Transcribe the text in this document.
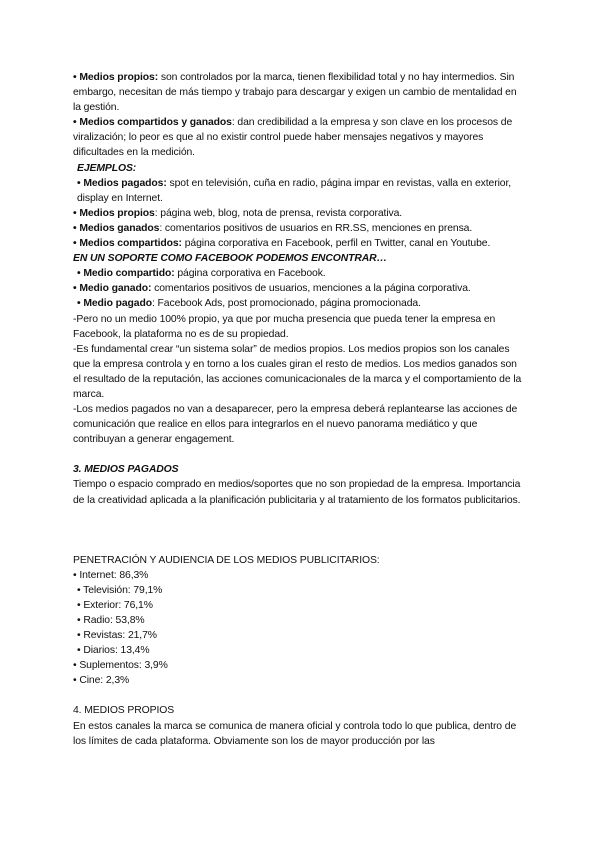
• Medios propios: son controlados por la marca, tienen flexibilidad total y no hay intermedios. Sin embargo, necesitan de más tiempo y trabajo para descargar y exigen un cambio de mentalidad en la gestión.

• Medios compartidos y ganados: dan credibilidad a la empresa y son clave en los procesos de viralización; lo peor es que al no existir control puede haber mensajes negativos y mayores dificultades en la medición.

EJEMPLOS:

• Medios pagados: spot en televisión, cuña en radio, página impar en revistas, valla en exterior, display en Internet.

• Medios propios: página web, blog, nota de prensa, revista corporativa.

• Medios ganados: comentarios positivos de usuarios en RR.SS, menciones en prensa.

• Medios compartidos: página corporativa en Facebook, perfil en Twitter, canal en Youtube.

EN UN SOPORTE COMO FACEBOOK PODEMOS ENCONTRAR…

• Medio compartido: página corporativa en Facebook.

• Medio ganado: comentarios positivos de usuarios, menciones a la página corporativa.

• Medio pagado: Facebook Ads, post promocionado, página promocionada.

-Pero no un medio 100% propio, ya que por mucha presencia que pueda tener la empresa en Facebook, la plataforma no es de su propiedad.

-Es fundamental crear “un sistema solar” de medios propios. Los medios propios son los canales que la empresa controla y en torno a los cuales giran el resto de medios. Los medios ganados son el resultado de la reputación, las acciones comunicacionales de la marca y el comportamiento de la marca.

-Los medios pagados no van a desaparecer, pero la empresa deberá replantearse las acciones de comunicación que realice en ellos para integrarlos en el nuevo panorama mediático y que contribuyan a generar engagement.

3. MEDIOS PAGADOS

Tiempo o espacio comprado en medios/soportes que no son propiedad de la empresa. Importancia de la creatividad aplicada a la planificación publicitaria y al tratamiento de los formatos publicitarios.

PENETRACIÓN Y AUDIENCIA DE LOS MEDIOS PUBLICITARIOS:

• Internet: 86,3%

• Televisión: 79,1%

• Exterior: 76,1%

• Radio: 53,8%

• Revistas: 21,7%

• Diarios: 13,4%

• Suplementos: 3,9%

• Cine: 2,3%

4. MEDIOS PROPIOS

En estos canales la marca se comunica de manera oficial y controla todo lo que publica, dentro de los límites de cada plataforma. Obviamente son los de mayor producción por las
